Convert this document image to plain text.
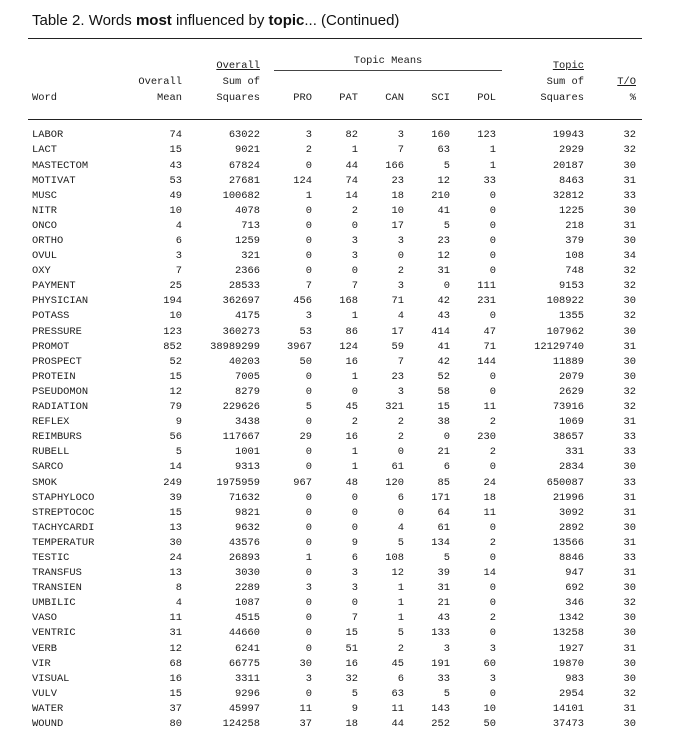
Table 2. Words most influenced by topic... (Continued)

		Overall	Topic Means					Topic	
	Overall	Sum of						Sum of	T/O
Word	Mean	Squares	PRO	PAT	CAN	SCI	POL	Squares	%

LABOR	74	63022	3	82	3	160	123	19943	32
LACT	15	9021	2	1	7	63	1	2929	32
MASTECTOM	43	67824	0	44	166	5	1	20187	30
MOTIVAT	53	27681	124	74	23	12	33	8463	31
MUSC	49	100682	1	14	18	210	0	32812	33
NITR	10	4078	0	2	10	41	0	1225	30
ONCO	4	713	0	0	17	5	0	218	31
ORTHO	6	1259	0	3	3	23	0	379	30
OVUL	3	321	0	3	0	12	0	108	34
OXY	7	2366	0	0	2	31	0	748	32
PAYMENT	25	28533	7	7	3	0	111	9153	32
PHYSICIAN	194	362697	456	168	71	42	231	108922	30
POTASS	10	4175	3	1	4	43	0	1355	32
PRESSURE	123	360273	53	86	17	414	47	107962	30
PROMOT	852	38989299	3967	124	59	41	71	12129740	31
PROSPECT	52	40203	50	16	7	42	144	11889	30
PROTEIN	15	7005	0	1	23	52	0	2079	30
PSEUDOMON	12	8279	0	0	3	58	0	2629	32
RADIATION	79	229626	5	45	321	15	11	73916	32
REFLEX	9	3438	0	2	2	38	2	1069	31
REIMBURS	56	117667	29	16	2	0	230	38657	33
RUBELL	5	1001	0	1	0	21	2	331	33
SARCO	14	9313	0	1	61	6	0	2834	30
SMOK	249	1975959	967	48	120	85	24	650087	33
STAPHYLOCO	39	71632	0	0	6	171	18	21996	31
STREPTOCOC	15	9821	0	0	0	64	11	3092	31
TACHYCARDI	13	9632	0	0	4	61	0	2892	30
TEMPERATUR	30	43576	0	9	5	134	2	13566	31
TESTIC	24	26893	1	6	108	5	0	8846	33
TRANSFUS	13	3030	0	3	12	39	14	947	31
TRANSIEN	8	2289	3	3	1	31	0	692	30
UMBILIC	4	1087	0	0	1	21	0	346	32
VASO	11	4515	0	7	1	43	2	1342	30
VENTRIC	31	44660	0	15	5	133	0	13258	30
VERB	12	6241	0	51	2	3	3	1927	31
VIR	68	66775	30	16	45	191	60	19870	30
VISUAL	16	3311	3	32	6	33	3	983	30
VULV	15	9296	0	5	63	5	0	2954	32
WATER	37	45997	11	9	11	143	10	14101	31
WOUND	80	124258	37	18	44	252	50	37473	30
